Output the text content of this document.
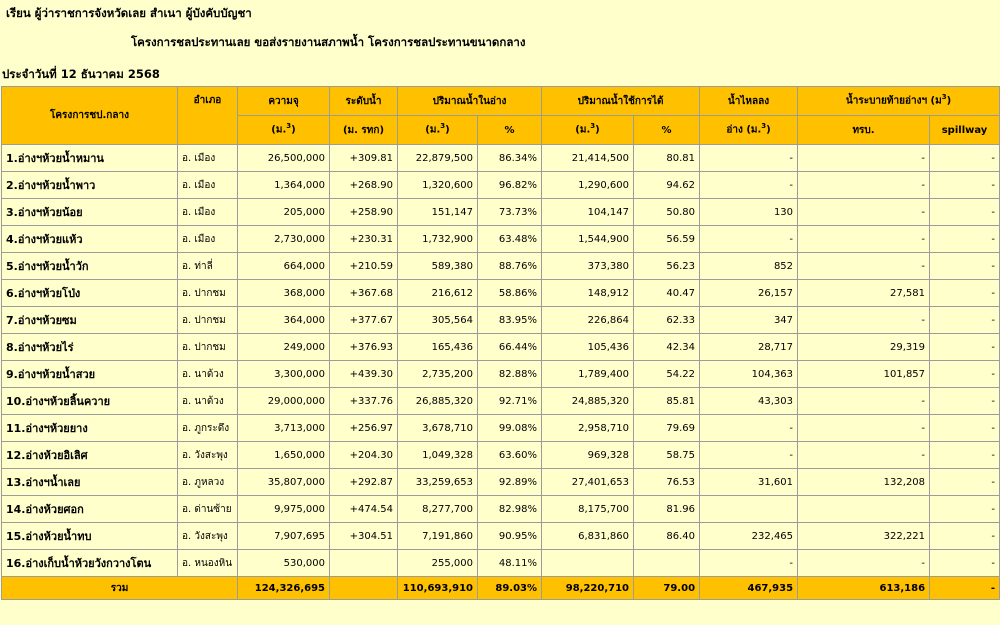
เรียน ผู้ว่าราชการจังหวัดเลย สำเนา ผู้บังคับบัญชา
โครงการชลประทานเลย ขอส่งรายงานสภาพน้ำ โครงการชลประทานขนาดกลาง
ประจำวันที่ 12 ธันวาคม 2568
โครงการชป.กลาง	อำเภอ	ความจุ	ระดับน้ำ	ปริมาณน้ำในอ่าง		ปริมาณน้ำใช้การได้		น้ำไหลลง	น้ำระบายท้ายอ่างฯ (ม$^3$)	
		(ม.$^3$)	(ม. รทก)	(ม.$^3$)	%	(ม.$^3$)	%	อ่าง (ม.$^3$)	ทรบ.	spillway
1.อ่างฯห้วยน้ำหมาน	อ. เมือง	26,500,000	+309.81	22,879,500	86.34%	21,414,500	80.81	-	-	-
2.อ่างฯห้วยน้ำพาว	อ. เมือง	1,364,000	+268.90	1,320,600	96.82%	1,290,600	94.62	-	-	-
3.อ่างฯห้วยน้อย	อ. เมือง	205,000	+258.90	151,147	73.73%	104,147	50.80	130	-	-
4.อ่างฯห้วยแห้ว	อ. เมือง	2,730,000	+230.31	1,732,900	63.48%	1,544,900	56.59	-	-	-
5.อ่างฯห้วยน้ำวัก	อ. ท่าลี่	664,000	+210.59	589,380	88.76%	373,380	56.23	852	-	-
6.อ่างฯห้วยโป่ง	อ. ปากชม	368,000	+367.68	216,612	58.86%	148,912	40.47	26,157	27,581	-
7.อ่างฯห้วยซม	อ. ปากชม	364,000	+377.67	305,564	83.95%	226,864	62.33	347	-	-
8.อ่างฯห้วยไร่	อ. ปากชม	249,000	+376.93	165,436	66.44%	105,436	42.34	28,717	29,319	-
9.อ่างฯห้วยน้ำสวย	อ. นาด้วง	3,300,000	+439.30	2,735,200	82.88%	1,789,400	54.22	104,363	101,857	-
10.อ่างฯห้วยลิ้นควาย	อ. นาด้วง	29,000,000	+337.76	26,885,320	92.71%	24,885,320	85.81	43,303	-	-
11.อ่างฯห้วยยาง	อ. ภูกระดึง	3,713,000	+256.97	3,678,710	99.08%	2,958,710	79.69	-	-	-
12.อ่างห้วยอิเลิศ	อ. วังสะพุง	1,650,000	+204.30	1,049,328	63.60%	969,328	58.75	-	-	-
13.อ่างฯน้ำเลย	อ. ภูหลวง	35,807,000	+292.87	33,259,653	92.89%	27,401,653	76.53	31,601	132,208	-
14.อ่างห้วยศอก	อ. ด่านซ้าย	9,975,000	+474.54	8,277,700	82.98%	8,175,700	81.96			-
15.อ่างห้วยน้ำทบ	อ. วังสะพุง	7,907,695	+304.51	7,191,860	90.95%	6,831,860	86.40	232,465	322,221	-
16.อ่างเก็บน้ำห้วยวังกวางโตน	อ. หนองหิน	530,000		255,000	48.11%			-	-	-
รวม		124,326,695		110,693,910	89.03%	98,220,710	79.00	467,935	613,186	-
